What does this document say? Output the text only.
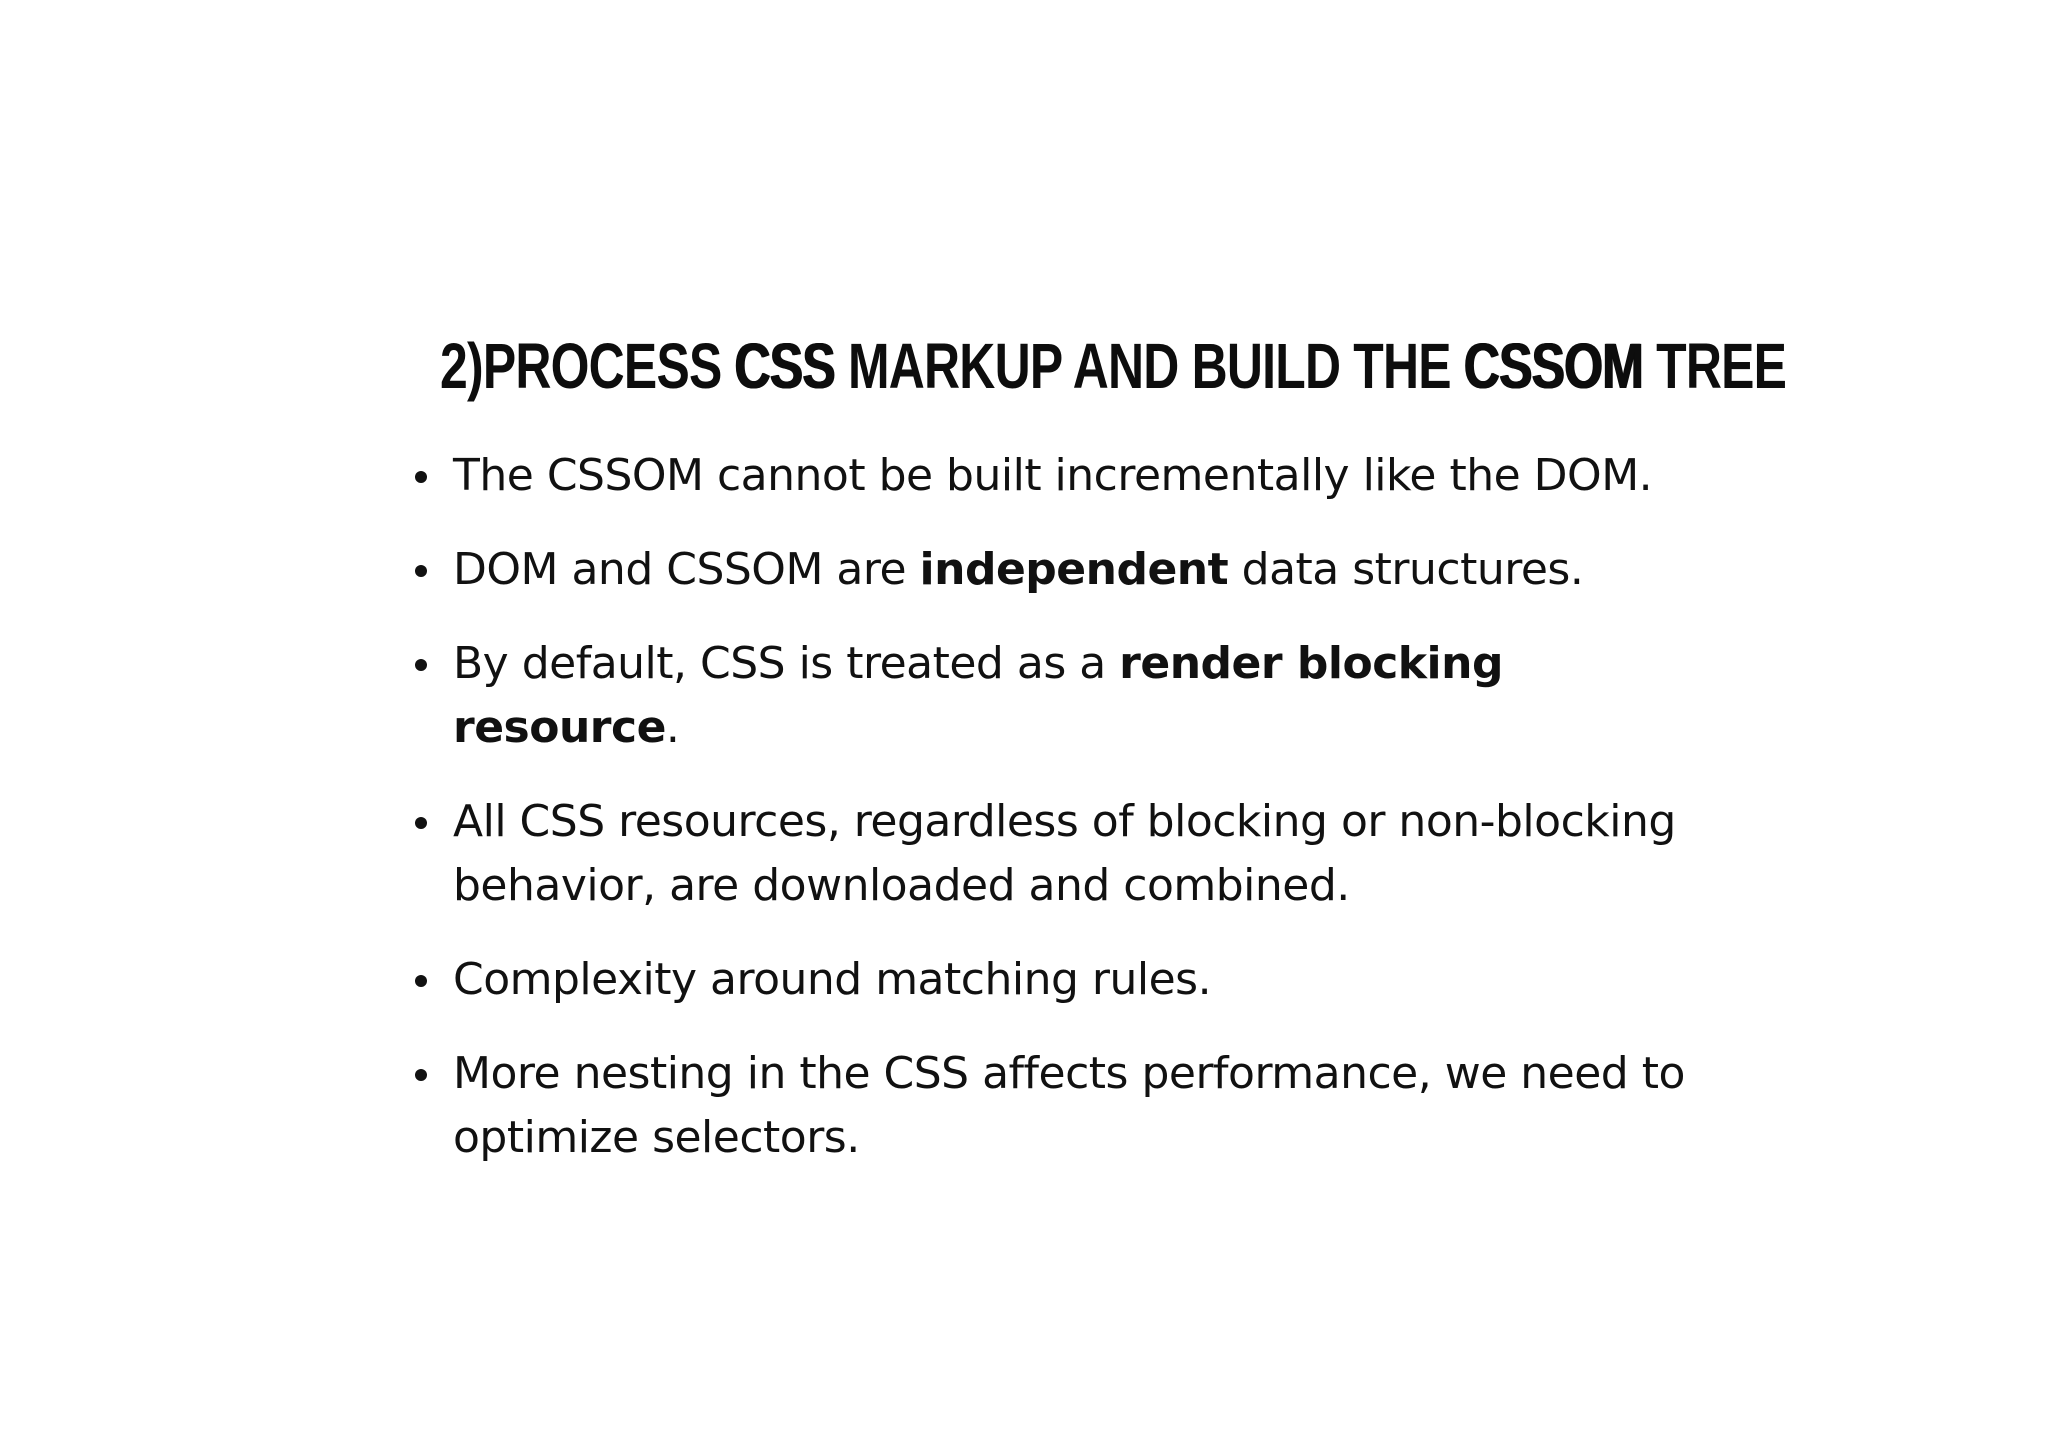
2)PROCESS CSS MARKUP AND BUILD THE CSSOM TREE
The CSSOM cannot be built incrementally like the DOM.
DOM and CSSOM are independent data structures.
By default, CSS is treated as a render blocking resource.
All CSS resources, regardless of blocking or non-blocking behavior, are downloaded and combined.
Complexity around matching rules.
More nesting in the CSS affects performance, we need to optimize selectors.
